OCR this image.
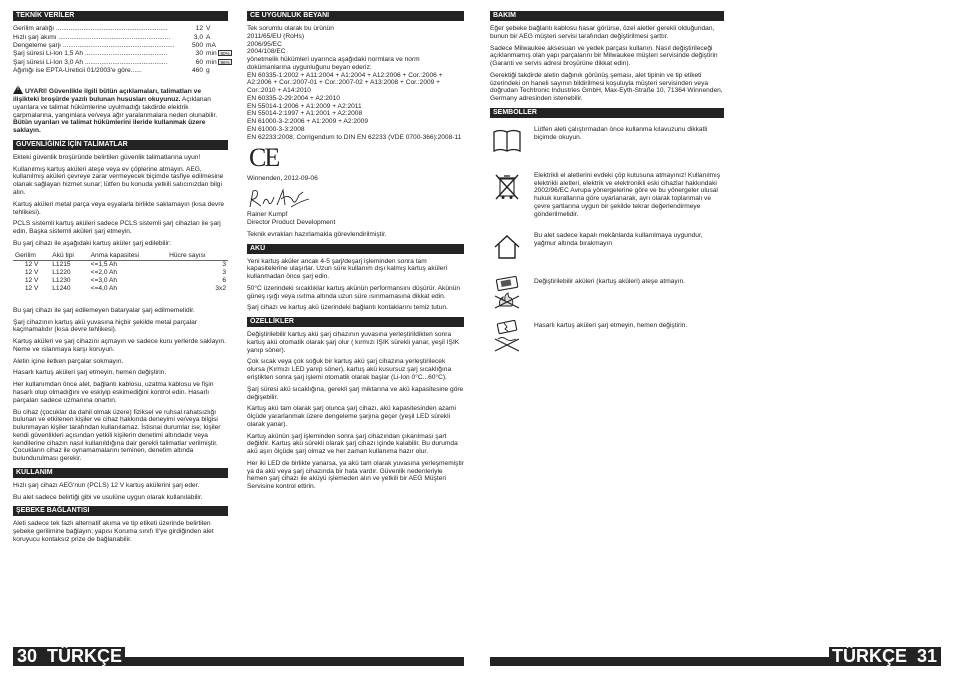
TEKNİK VERİLER
Gerilim aralığı .............................................................	12 V
Hızlı şarj akımı .............................................................	3,0 A
Dengeleme şarjı .............................................................	500 mA
Şarj süresi Li-Ion 1,5 Ah .............................................	30 min 80%
Şarj süresi Li-Ion 3,0 Ah .............................................	60 min 96%
Ağırlığı ise EPTA-Ureticii 01/2003'e göre......	460 g

! UYARI! Güvenlikle ilgili bütün açıklamaları, talimatları ve ilişikteki broşürde yazılı bulunan hususları okuyunuz. Açıklanan uyarılara ve talimat hükümlerine uyulmadığı takdirde elektrik çarpmalarına, yangınlara ve/veya ağır yaralanmalara neden olunabilir.
Bütün uyarıları ve talimat hükümlerini ileride kullanmak üzere saklayın.

GÜVENLİĞİNİZ İÇİN TALİMATLAR

Ekteki güvenlik broşüründe belirtilen güvenlik talimatlarına uyun!

Kullanılmış kartuş aküleri ateşe veya ev çöplerine atmayın. AEG, kullanılmış aküleri çevreye zarar vermeyecek biçimde tasfiye edilmesine olanak sağlayan hizmet sunar; lütfen bu konuda yetkili satıcınızdan bilgi alın.

Kartuş aküleri metal parça veya eşyalarla birlikte saklamayın (kısa devre tehlikesi).

PCLS sistemli kartuş aküleri sadece PCLS sistemli şarj cihazları ile şarj edin. Başka sistemli aküleri şarj etmeyin.

Bu şarj cihazı ile aşağıdaki kartuş aküler şarj edilebilir:

Gerilim	Akü tipi	Anma kapasitesi	Hücre sayısı
12 V	L1215	<=1,5 Ah	3
12 V	L1220	<=2,0 Ah	3
12 V	L1230	<=3,0 Ah	6
12 V	L1240	<=4,0 Ah	3x2

Bu şarj cihazı ile şarj edilemeyen bataryalar şarj edilmemelidir.

Şarj cihazının kartuş akü yuvasına hiçbir şekilde metal parçalar kaçmamalıdır (kısa devre tehlikesi).

Kartuş aküleri ve şarj cihazını açmayın ve sadece kuru yerlerde saklayın. Neme ve ıslanmaya karşı koruyun.

Aletin içine iletken parçalar sokmayın.

Hasarlı kartuş aküleri şarj etmeyin, hemen değiştirin.

Her kullanımdan önce alet, bağlantı kablosu, uzatma kablosu ve fişin hasarlı olup olmadığını ve eskiyip eskimediğini kontrol edin. Hasarlı parçaları sadece uzmanına onartın.

Bu cihaz (çocuklar da dahil olmak üzere) fiziksel ve ruhsal rahatsızlığı bulunan ve etkilenen kişiler ve cihaz hakkında deneyimi ve/veya bilgisi bulunmayan kişiler tarafından kullanılamaz. İstisnai durumlar ise; kişiler kendi güvenlikleri açısından yetkili kişilerin denetimi altındadır veya kendilerine cihazın nasıl kullanıldığına dair gerekli talimatlar verilmiştir. Çocukların cihaz ile oynamamalarını teminen, denetim altında bulundurulması gerekir.

KULLANIM

Hızlı şarj cihazı AEG'nun (PCLS) 12 V kartuş akülerini şarj eder.

Bu alet sadece belirtiği gibi ve usulüne uygun olarak kullanılabilir.

ŞEBEKE BAĞLANTISI

Aleti sadece tek fazlı alternatif akıma ve tip etiketi üzerinde belirtilen şebeke gerilimine bağlayın; yapısı Koruma sınıfı II'ye girdiğinden alet koruyucu kontaksız prize de bağlanabilir.

CE UYGUNLUK BEYANI
Tek sorumlu olarak bu ürünün
2011/65/EU (RoHs)
2006/95/EC
2004/108/EC
yönetmelik hükümleri uyarınca aşağıdaki normlara ve norm dokümanlarına uygunluğunu beyan ederiz:
EN 60335-1:2002 + A11:2004 + A1:2004 + A12:2006 + Cor.:2006 + A2:2006 + Cor.:2007-01 + Cor.:2007-02 + A13:2008 + Cor.:2009 + Cor.:2010 + A14:2010
EN 60335-2-29:2004 + A2:2010
EN 55014-1:2006 + A1:2009 + A2:2011
EN 55014-2:1997 + A1:2001 + A2:2008
EN 61000-3-2:2006 + A1:2009 + A2:2009
EN 61000-3-3:2008
EN 62233:2008, Corrigendum to DIN EN 62233 (VDE 0700-366):2008-11
CE

Winnenden, 2012-09-06

Rainer Kumpf

Director Product Development

Teknik evrakları hazırlamakla görevlendirilmiştir.

AKÜ

Yeni kartuş aküler ancak 4-5 şarj/deşarj işleminden sonra tam kapasitelerine ulaşırlar. Uzun süre kullanım dışı kalmış kartuş aküleri kullanmadan önce şarj edin.

50°C üzerindeki sıcaklıklar kartuş akünün performansını düşürür. Akünün güneş ışığı veya ısıtma altında uzun süre ısınmamasına dikkat edin.

Şarj cihazı ve kartuş akü üzerindeki bağlantı kontaklarını temiz tutun.

ÖZELLİKLER

Değiştirilebilir kartuş akü şarj cihazının yuvasına yerleştirildikten sonra kartuş akü otomatik olarak şarj olur ( kırmızı IŞIK sürekli yanar, yeşil IŞIK yanıp söner).

Çok sıcak veya çok soğuk bir kartuş akü şarj cihazına yerleştirilecek olursa (Kırmızı LED yanıp söner), kartuş akü kusursuz şarj sıcaklığına eriştikten sonra şarj işlemi otomatik olarak başlar (Li-Ion 0°C...60°C).

Şarj süresi akü sıcaklığına, gerekli şarj miktarına ve akü kapasitesine göre değişebilir.

Kartuş akü tam olarak şarj olunca şarj cihazı, akü kapasitesinden azami ölçüde yararlanmak üzere dengeleme şarjına geçer (yeşil LED sürekli olarak yanar).

Kartuş akünün şarj işleminden sonra şarj cihazından çıkarılması şart değildir. Kartuş akü sürekli olarak şarj cihazı içinde kalabilir. Bu durumda akü aşırı ölçüde şarj olmaz ve her zaman kullanıma hazır olur.

Her iki LED de birlikte yanarsa, ya akü tam olarak yuvasına yerleşmemiştir ya da akü veya şarj cihazında bir hata vardır. Güvenlik nedenleriyle hemen şarj cihazı ile aküyü işlemeden alın ve yetkili bir AEG Müşteri Servisine kontrol ettirin.

BAKIM

Eğer şebeke bağlantı kablosu hasar görürse, özel aletler gerekli olduğundan, bunun bir AEG müşteri servisi tarafından değiştirilmesi şarttır.

Sadece Milwaukee aksesuarı ve yedek parçası kullanın. Nasıl değiştirileceği açıklanmamış olan yapı parçalarını bir Milwaukee müşteri servisinde değiştirin (Garanti ve servis adresi broşürüne dikkat edin).

Gerektiği takdirde aletin dağınık görünüş şeması, alet tipinin ve tip etiketi üzerindeki on haneli sayının bildirilmesi koşuluyla müşteri servisinden veya doğrudan Techtronic Industries GmbH, Max-Eyth-Straße 10, 71364 Winnenden, Germany adresinden istenebilir.

SEMBOLLER
Lütfen aleti çalıştırmadan önce kullanma kılavuzunu dikkatli biçimde okuyun.
Elektrikli el aletlerini evdeki çöp kutusuna atmayınız! Kullanılmış elektrikli aletleri, elektrik ve elektronikli eski cihazlar hakkındaki 2002/96/EC Avrupa yönergelerine göre ve bu yönergeler ulusal hukuk kurallarına göre uyarlanarak, ayrı olarak toplanmalı ve çevre şartlarına uygun bir şekilde tekrar değerlendirmeye gönderilmelidir.
Bu alet sadece kapalı mekânlarda kullanılmaya uygundur, yağmur altında bırakmayın
Değiştirilebilir aküleri (kartuş aküleri) ateşe atmayın.
Hasarlı kartuş aküleri şarj etmeyin, hemen değiştirin.
30 TÜRKÇE	TÜRKÇE 31
